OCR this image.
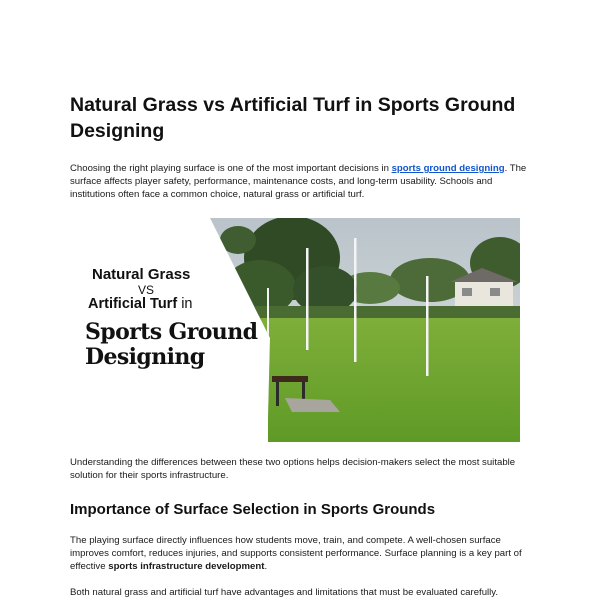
Natural Grass vs Artificial Turf in Sports Ground Designing

Choosing the right playing surface is one of the most important decisions in sports ground designing. The surface affects player safety, performance, maintenance costs, and long-term usability. Schools and institutions often face a common choice, natural grass or artificial turf.

Natural Grass
VS
Artificial Turf in
Sports Ground
Designing

Understanding the differences between these two options helps decision-makers select the most suitable solution for their sports infrastructure.

Importance of Surface Selection in Sports Grounds

The playing surface directly influences how students move, train, and compete. A well-chosen surface improves comfort, reduces injuries, and supports consistent performance. Surface planning is a key part of effective sports infrastructure development.

Both natural grass and artificial turf have advantages and limitations that must be evaluated carefully.
